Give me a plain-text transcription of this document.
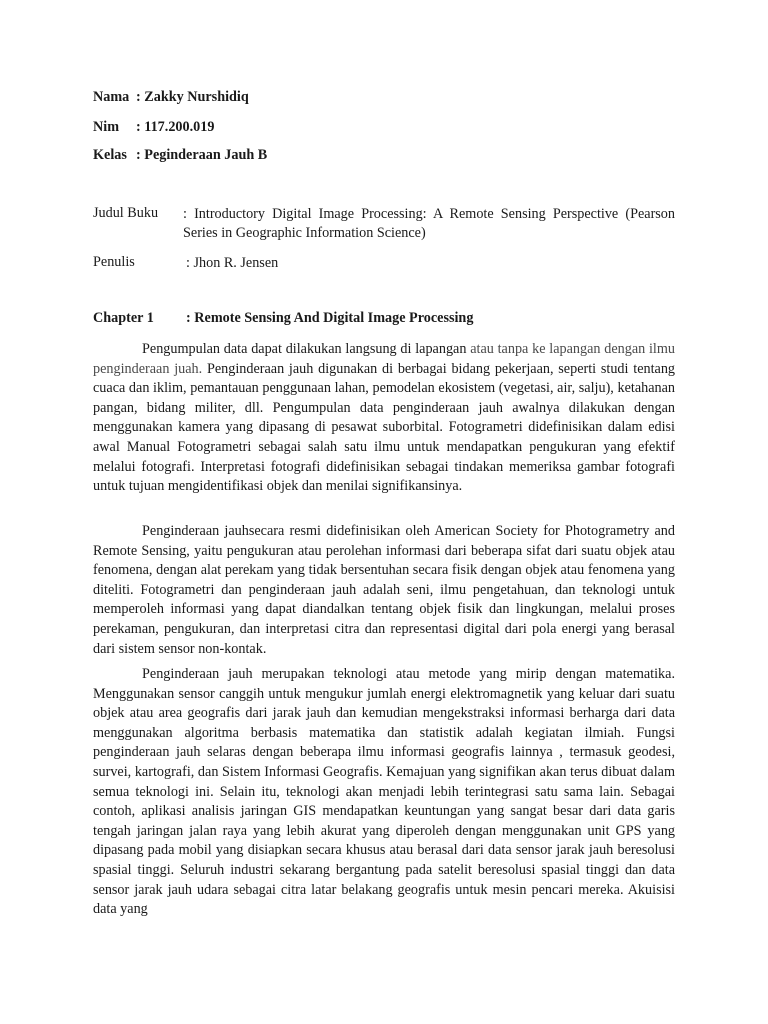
Nama : Zakky Nurshidiq
Nim : 117.200.019
Kelas : Peginderaan Jauh B
Judul Buku : Introductory Digital Image Processing: A Remote Sensing Perspective (Pearson Series in Geographic Information Science)
Penulis	: Jhon R. Jensen
Chapter 1 : Remote Sensing And Digital Image Processing

Pengumpulan data dapat dilakukan langsung di lapangan atau tanpa ke lapangan dengan ilmu penginderaan juah. Penginderaan jauh digunakan di berbagai bidang pekerjaan, seperti studi tentang cuaca dan iklim, pemantauan penggunaan lahan, pemodelan ekosistem (vegetasi, air, salju), ketahanan pangan, bidang militer, dll. Pengumpulan data penginderaan jauh awalnya dilakukan dengan menggunakan kamera yang dipasang di pesawat suborbital. Fotogrametri didefinisikan dalam edisi awal Manual Fotogrametri sebagai salah satu ilmu untuk mendapatkan pengukuran yang efektif melalui fotografi. Interpretasi fotografi didefinisikan sebagai tindakan memeriksa gambar fotografi untuk tujuan mengidentifikasi objek dan menilai signifikansinya.

Penginderaan jauhsecara resmi didefinisikan oleh American Society for Photogrametry and Remote Sensing, yaitu pengukuran atau perolehan informasi dari beberapa sifat dari suatu objek atau fenomena, dengan alat perekam yang tidak bersentuhan secara fisik dengan objek atau fenomena yang diteliti. Fotogrametri dan penginderaan jauh adalah seni, ilmu pengetahuan, dan teknologi untuk memperoleh informasi yang dapat diandalkan tentang objek fisik dan lingkungan, melalui proses perekaman, pengukuran, dan interpretasi citra dan representasi digital dari pola energi yang berasal dari sistem sensor non-kontak.

Penginderaan jauh merupakan teknologi atau metode yang mirip dengan matematika. Menggunakan sensor canggih untuk mengukur jumlah energi elektromagnetik yang keluar dari suatu objek atau area geografis dari jarak jauh dan kemudian mengekstraksi informasi berharga dari data menggunakan algoritma berbasis matematika dan statistik adalah kegiatan ilmiah. Fungsi penginderaan jauh selaras dengan beberapa ilmu informasi geografis lainnya , termasuk geodesi, survei, kartografi, dan Sistem Informasi Geografis. Kemajuan yang signifikan akan terus dibuat dalam semua teknologi ini. Selain itu, teknologi akan menjadi lebih terintegrasi satu sama lain. Sebagai contoh, aplikasi analisis jaringan GIS mendapatkan keuntungan yang sangat besar dari data garis tengah jaringan jalan raya yang lebih akurat yang diperoleh dengan menggunakan unit GPS yang dipasang pada mobil yang disiapkan secara khusus atau berasal dari data sensor jarak jauh beresolusi spasial tinggi. Seluruh industri sekarang bergantung pada satelit beresolusi spasial tinggi dan data sensor jarak jauh udara sebagai citra latar belakang geografis untuk mesin pencari mereka. Akuisisi data yang
